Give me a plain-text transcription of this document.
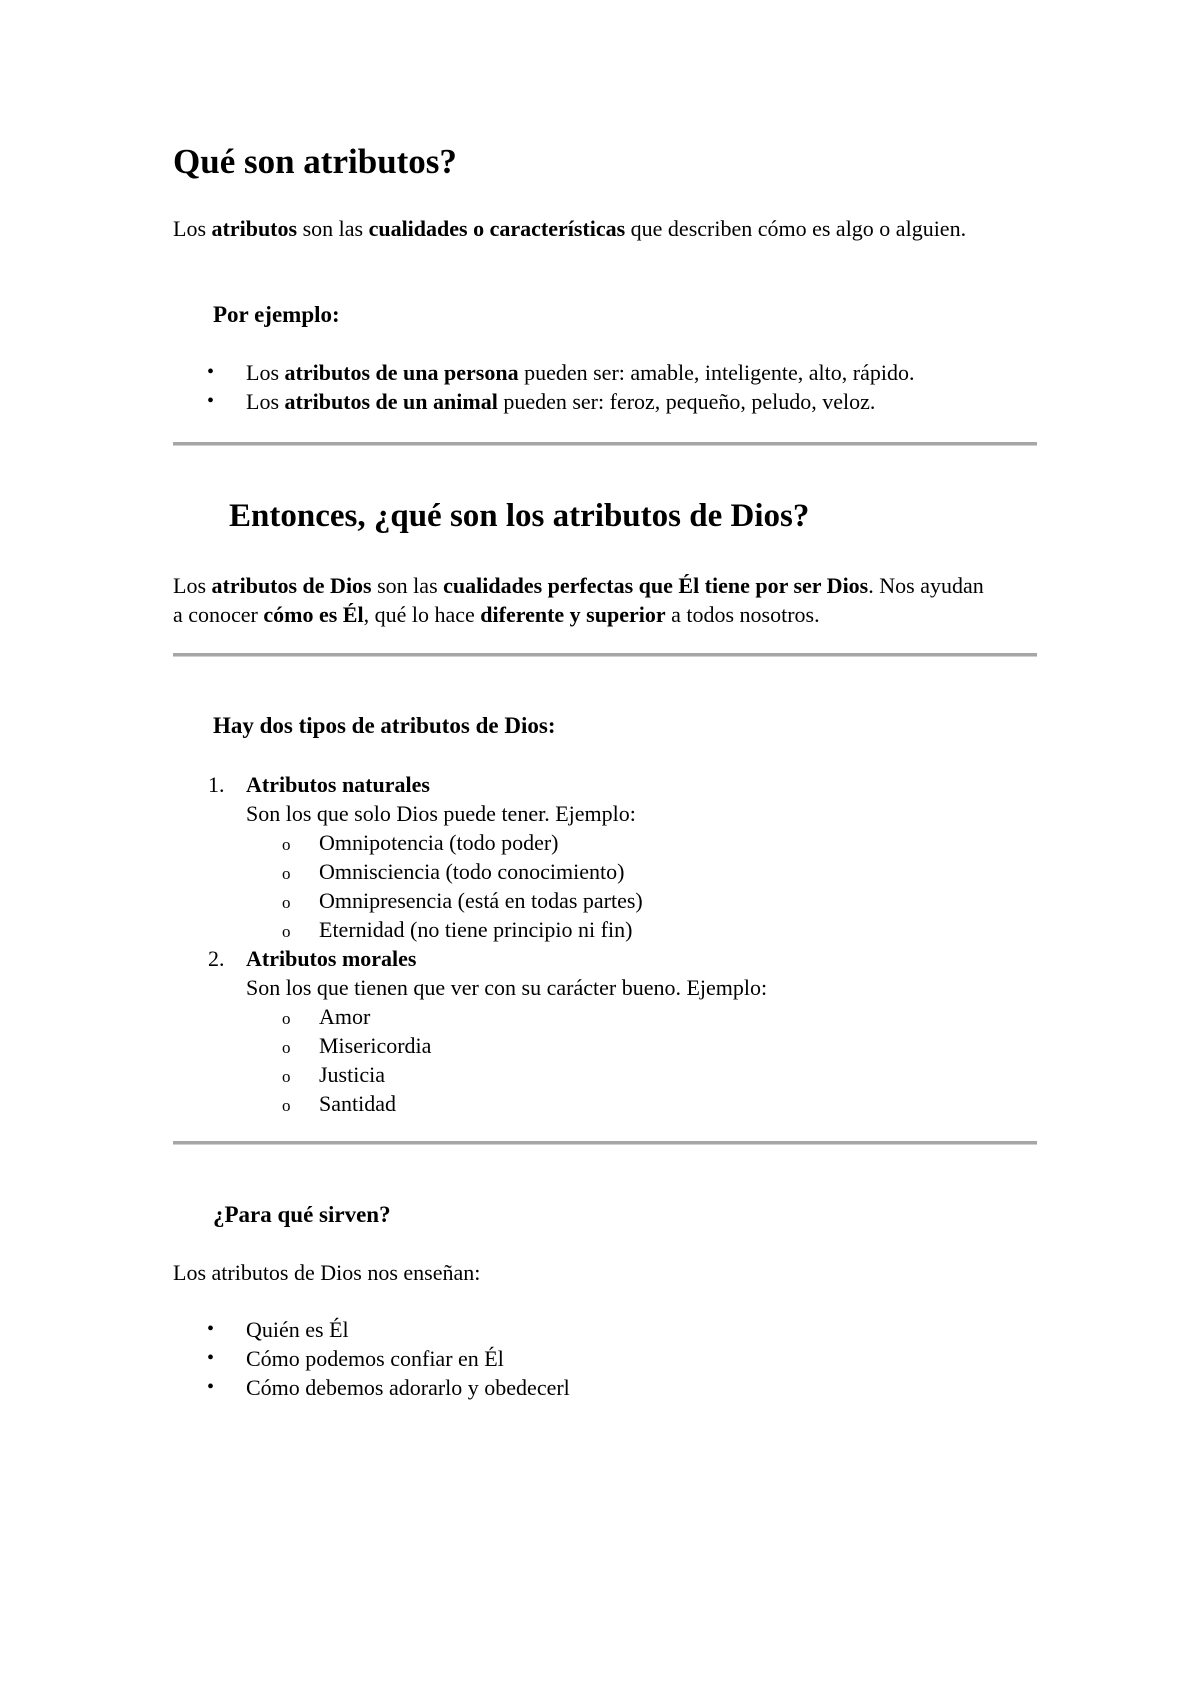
Qué son atributos?

Los atributos son las cualidades o características que describen cómo es algo o alguien.

Por ejemplo:

• Los atributos de una persona pueden ser: amable, inteligente, alto, rápido.
• Los atributos de un animal pueden ser: feroz, pequeño, peludo, veloz.
Entonces, ¿qué son los atributos de Dios?

Los atributos de Dios son las cualidades perfectas que Él tiene por ser Dios. Nos ayudan a conocer cómo es Él, qué lo hace diferente y superior a todos nosotros.

Hay dos tipos de atributos de Dios:

1. Atributos naturales
Son los que solo Dios puede tener. Ejemplo:
o Omnipotencia (todo poder)
o Omnisciencia (todo conocimiento)
o Omnipresencia (está en todas partes)
o Eternidad (no tiene principio ni fin)
2. Atributos morales
Son los que tienen que ver con su carácter bueno. Ejemplo:
o Amor
o Misericordia
o Justicia
o Santidad

¿Para qué sirven?

Los atributos de Dios nos enseñan:

• Quién es Él
• Cómo podemos confiar en Él
• Cómo debemos adorarlo y obedecerl
